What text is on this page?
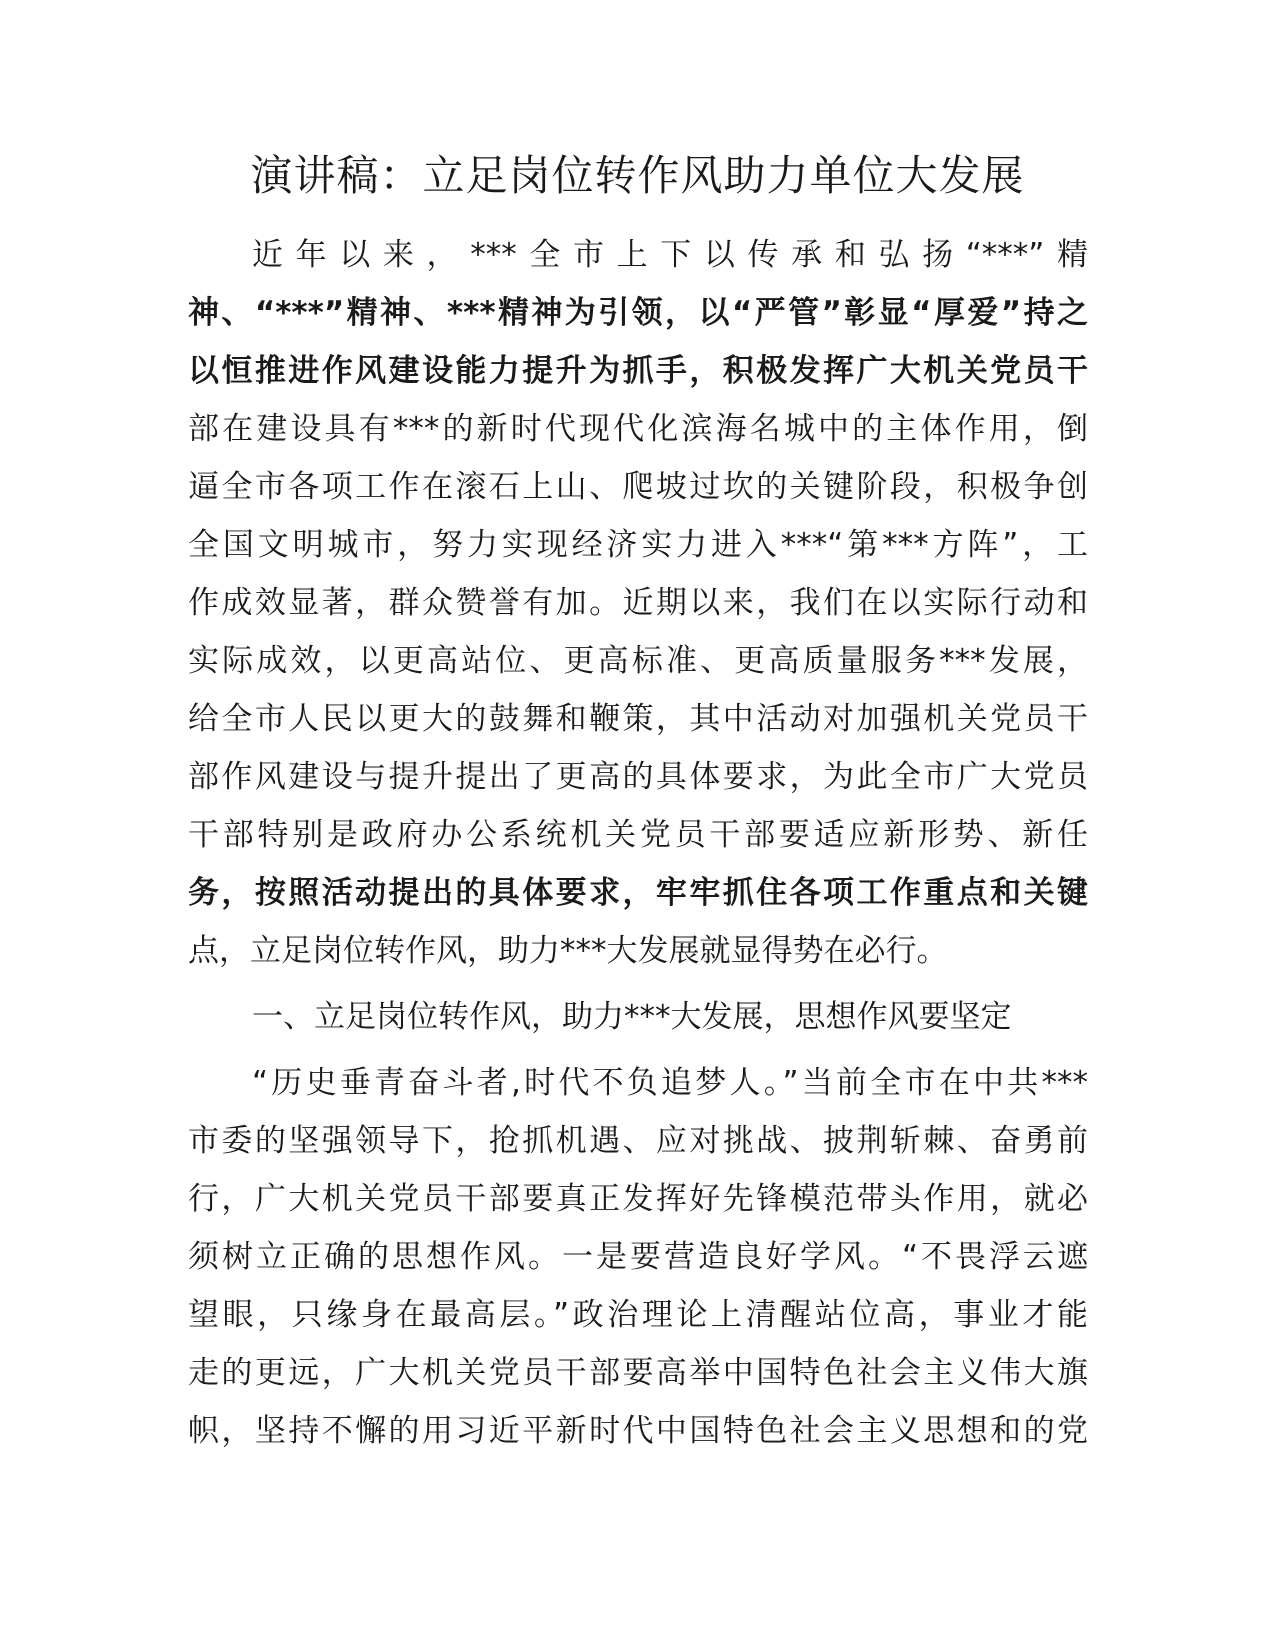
演讲稿：立足岗位转作风助力单位大发展
近年以来，***全市上下以传承和弘扬“***”精
神、“***”精神、***精神为引领，以“严管”彰显“厚爱”持之
以恒推进作风建设能力提升为抓手，积极发挥广大机关党员干
部在建设具有***的新时代现代化滨海名城中的主体作用，倒
逼全市各项工作在滚石上山、爬坡过坎的关键阶段，积极争创
全国文明城市，努力实现经济实力进入***“第***方阵”，工
作成效显著，群众赞誉有加。近期以来，我们在以实际行动和
实际成效，以更高站位、更高标准、更高质量服务***发展，
给全市人民以更大的鼓舞和鞭策，其中活动对加强机关党员干
部作风建设与提升提出了更高的具体要求，为此全市广大党员
干部特别是政府办公系统机关党员干部要适应新形势、新任
务，按照活动提出的具体要求，牢牢抓住各项工作重点和关键
点，立足岗位转作风，助力***大发展就显得势在必行。
一、立足岗位转作风，助力***大发展，思想作风要坚定
“历史垂青奋斗者,时代不负追梦人。”当前全市在中共***
市委的坚强领导下，抢抓机遇、应对挑战、披荆斩棘、奋勇前
行，广大机关党员干部要真正发挥好先锋模范带头作用，就必
须树立正确的思想作风。一是要营造良好学风。“不畏浮云遮
望眼，只缘身在最高层。”政治理论上清醒站位高，事业才能
走的更远，广大机关党员干部要高举中国特色社会主义伟大旗
帜，坚持不懈的用习近平新时代中国特色社会主义思想和的党
